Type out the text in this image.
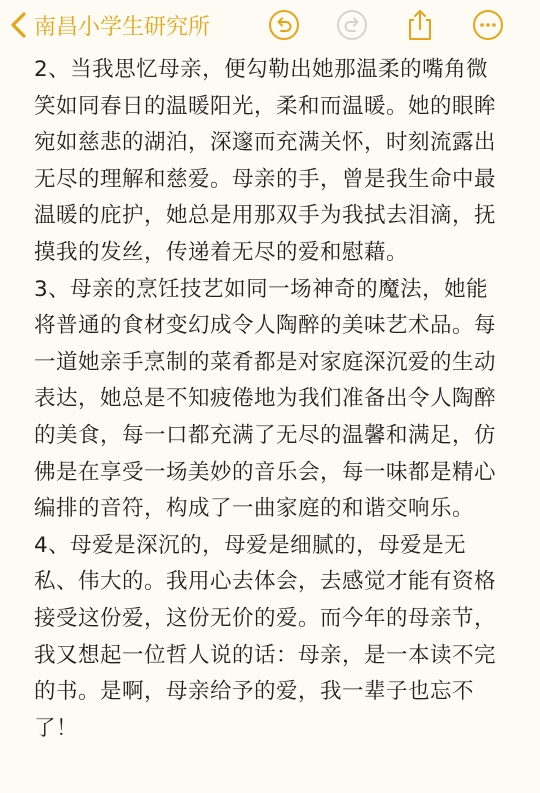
南昌小学生研究所

2、当我思忆母亲，便勾勒出她那温柔的嘴角微笑如同春日的温暖阳光，柔和而温暖。她的眼眸宛如慈悲的湖泊，深邃而充满关怀，时刻流露出无尽的理解和慈爱。母亲的手，曾是我生命中最温暖的庇护，她总是用那双手为我拭去泪滴，抚摸我的发丝，传递着无尽的爱和慰藉。

3、母亲的烹饪技艺如同一场神奇的魔法，她能将普通的食材变幻成令人陶醉的美味艺术品。每一道她亲手烹制的菜肴都是对家庭深沉爱的生动表达，她总是不知疲倦地为我们准备出令人陶醉的美食，每一口都充满了无尽的温馨和满足，仿佛是在享受一场美妙的音乐会，每一味都是精心编排的音符，构成了一曲家庭的和谐交响乐。

4、母爱是深沉的，母爱是细腻的，母爱是无私、伟大的。我用心去体会，去感觉才能有资格接受这份爱，这份无价的爱。而今年的母亲节，我又想起一位哲人说的话：母亲，是一本读不完的书。是啊，母亲给予的爱，我一辈子也忘不了！
